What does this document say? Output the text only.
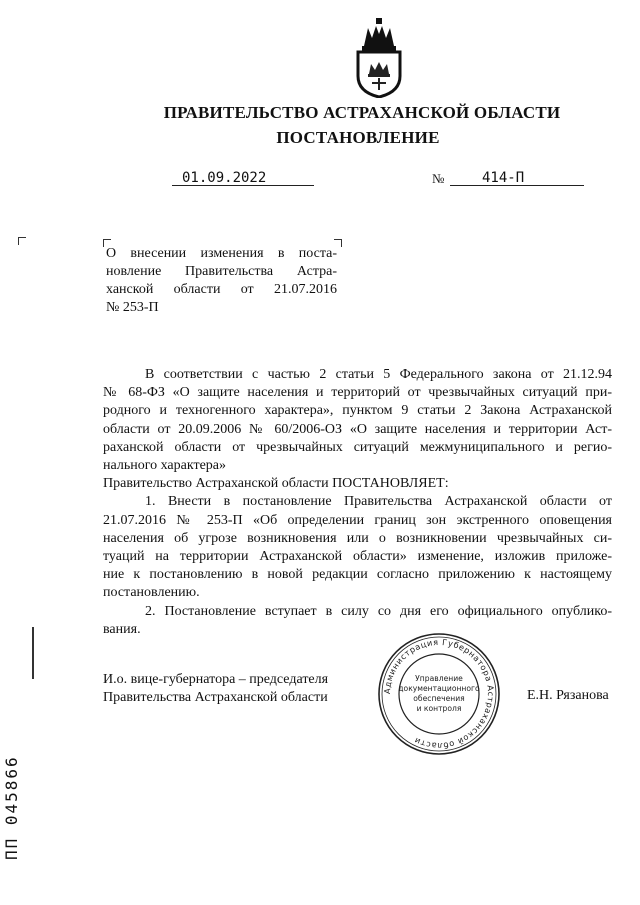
ПРАВИТЕЛЬСТВО АСТРАХАНСКОЙ ОБЛАСТИ
ПОСТАНОВЛЕНИЕ
01.09.2022	№	414-П
О внесении изменения в поста-
новление Правительства Астра-
ханской области от 21.07.2016
№ 253-П
В соответствии с частью 2 статьи 5 Федерального закона от 21.12.94
№ 68-ФЗ «О защите населения и территорий от чрезвычайных ситуаций при-
родного и техногенного характера», пунктом 9 статьи 2 Закона Астраханской
области от 20.09.2006 № 60/2006-ОЗ «О защите населения и территории Аст-
раханской области от чрезвычайных ситуаций межмуниципального и регио-
нального характера»
Правительство Астраханской области ПОСТАНОВЛЯЕТ:
1. Внести в постановление Правительства Астраханской области от
21.07.2016 № 253-П «Об определении границ зон экстренного оповещения
населения об угрозе возникновения или о возникновении чрезвычайных си-
туаций на территории Астраханской области» изменение, изложив приложе-
ние к постановлению в новой редакции согласно приложению к настоящему
постановлению.
2. Постановление вступает в силу со дня его официального опублико-
вания.
И.о. вице-губернатора – председателя
Правительства Астраханской области	Е.Н. Рязанова
Администрация Губернатора Астраханской области
Управление
документационного
обеспечения
и контроля
ПП 045866
